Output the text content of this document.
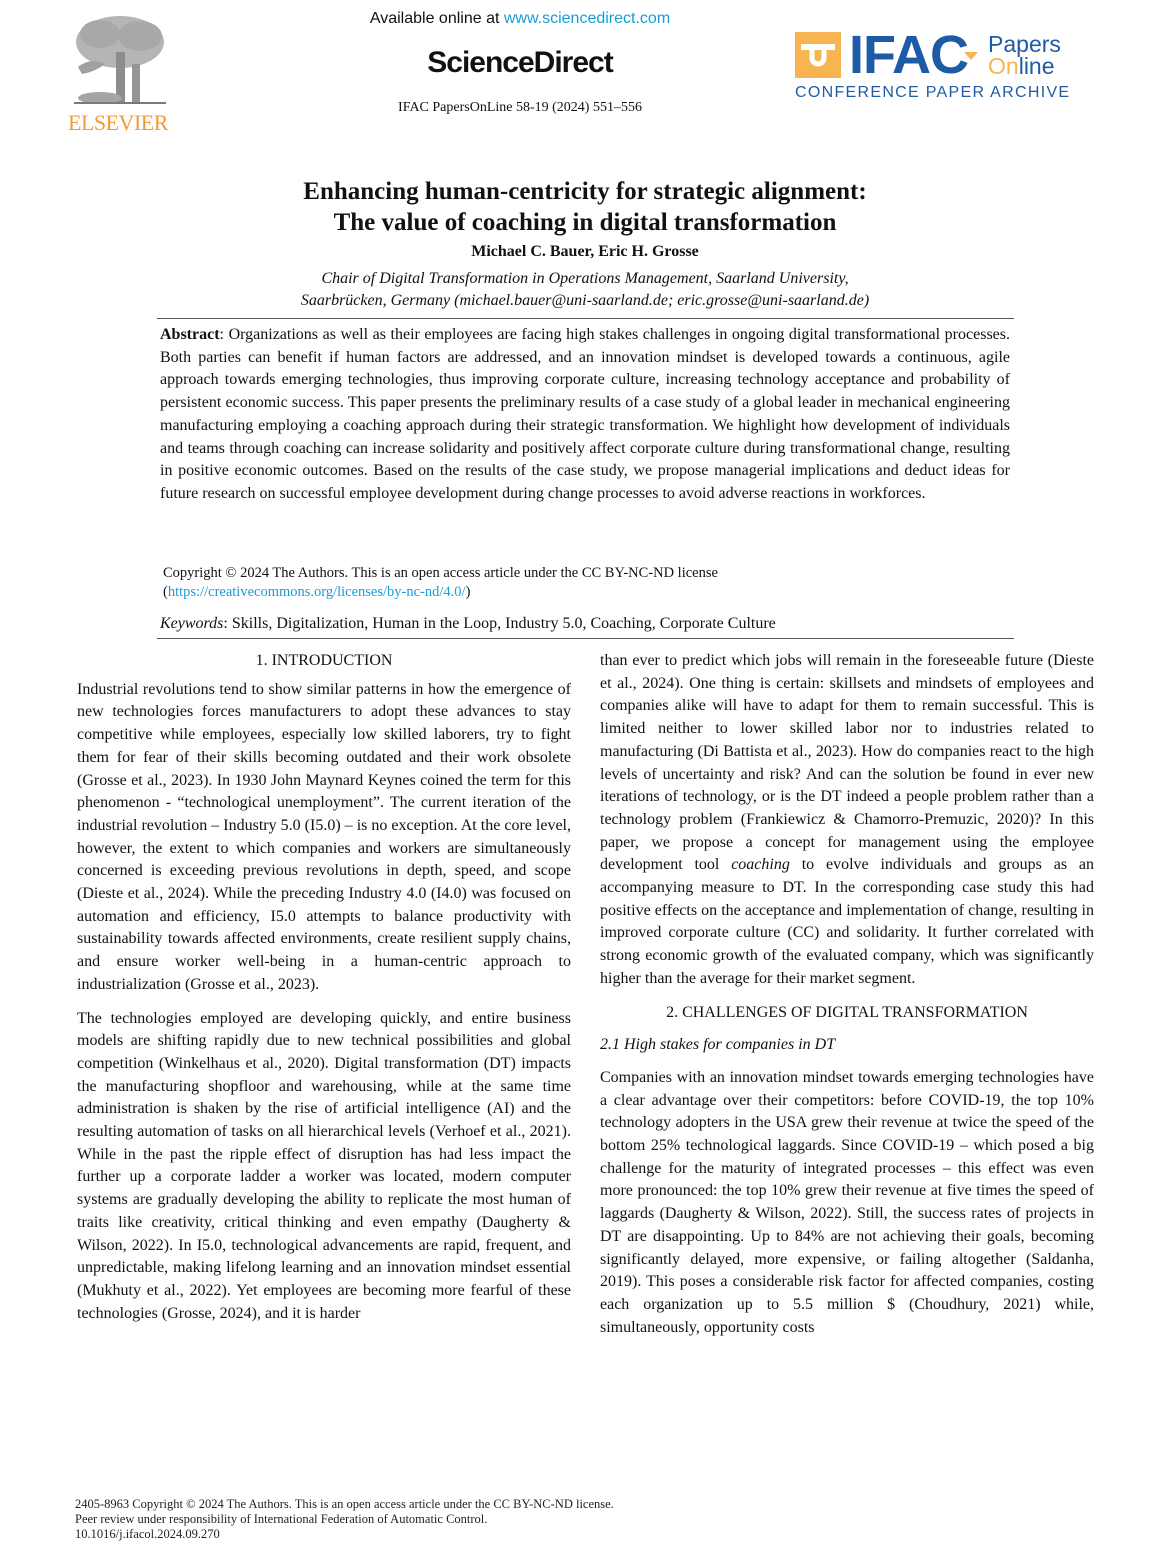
ELSEVIER
Available online at www.sciencedirect.com
ScienceDirect
IFAC PapersOnLine 58-19 (2024) 551–556
IFAC Papers
Online
CONFERENCE PAPER ARCHIVE
Enhancing human-centricity for strategic alignment:
The value of coaching in digital transformation
Michael C. Bauer, Eric H. Grosse
Chair of Digital Transformation in Operations Management, Saarland University,
Saarbrücken, Germany (michael.bauer@uni-saarland.de; eric.grosse@uni-saarland.de)
Abstract: Organizations as well as their employees are facing high stakes challenges in ongoing digital transformational processes. Both parties can benefit if human factors are addressed, and an innovation mindset is developed towards a continuous, agile approach towards emerging technologies, thus improving corporate culture, increasing technology acceptance and probability of persistent economic success. This paper presents the preliminary results of a case study of a global leader in mechanical engineering manufacturing employing a coaching approach during their strategic transformation. We highlight how development of individuals and teams through coaching can increase solidarity and positively affect corporate culture during transformational change, resulting in positive economic outcomes. Based on the results of the case study, we propose managerial implications and deduct ideas for future research on successful employee development during change processes to avoid adverse reactions in workforces.
Copyright © 2024 The Authors. This is an open access article under the CC BY-NC-ND license
(https://creativecommons.org/licenses/by-nc-nd/4.0/)
Keywords: Skills, Digitalization, Human in the Loop, Industry 5.0, Coaching, Corporate Culture
1. INTRODUCTION

Industrial revolutions tend to show similar patterns in how the emergence of new technologies forces manufacturers to adopt these advances to stay competitive while employees, especially low skilled laborers, try to fight them for fear of their skills becoming outdated and their work obsolete (Grosse et al., 2023). In 1930 John Maynard Keynes coined the term for this phenomenon - “technological unemployment”. The current iteration of the industrial revolution – Industry 5.0 (I5.0) – is no exception. At the core level, however, the extent to which companies and workers are simultaneously concerned is exceeding previous revolutions in depth, speed, and scope (Dieste et al., 2024). While the preceding Industry 4.0 (I4.0) was focused on automation and efficiency, I5.0 attempts to balance productivity with sustainability towards affected environments, create resilient supply chains, and ensure worker well-being in a human-centric approach to industrialization (Grosse et al., 2023).

The technologies employed are developing quickly, and entire business models are shifting rapidly due to new technical possibilities and global competition (Winkelhaus et al., 2020). Digital transformation (DT) impacts the manufacturing shopfloor and warehousing, while at the same time administration is shaken by the rise of artificial intelligence (AI) and the resulting automation of tasks on all hierarchical levels (Verhoef et al., 2021). While in the past the ripple effect of disruption has had less impact the further up a corporate ladder a worker was located, modern computer systems are gradually developing the ability to replicate the most human of traits like creativity, critical thinking and even empathy (Daugherty & Wilson, 2022). In I5.0, technological advancements are rapid, frequent, and unpredictable, making lifelong learning and an innovation mindset essential (Mukhuty et al., 2022). Yet employees are becoming more fearful of these technologies (Grosse, 2024), and it is harder

than ever to predict which jobs will remain in the foreseeable future (Dieste et al., 2024). One thing is certain: skillsets and mindsets of employees and companies alike will have to adapt for them to remain successful. This is limited neither to lower skilled labor nor to industries related to manufacturing (Di Battista et al., 2023). How do companies react to the high levels of uncertainty and risk? And can the solution be found in ever new iterations of technology, or is the DT indeed a people problem rather than a technology problem (Frankiewicz & Chamorro-Premuzic, 2020)? In this paper, we propose a concept for management using the employee development tool coaching to evolve individuals and groups as an accompanying measure to DT. In the corresponding case study this had positive effects on the acceptance and implementation of change, resulting in improved corporate culture (CC) and solidarity. It further correlated with strong economic growth of the evaluated company, which was significantly higher than the average for their market segment.

2. CHALLENGES OF DIGITAL TRANSFORMATION
2.1 High stakes for companies in DT

Companies with an innovation mindset towards emerging technologies have a clear advantage over their competitors: before COVID-19, the top 10% technology adopters in the USA grew their revenue at twice the speed of the bottom 25% technological laggards. Since COVID-19 – which posed a big challenge for the maturity of integrated processes – this effect was even more pronounced: the top 10% grew their revenue at five times the speed of laggards (Daugherty & Wilson, 2022). Still, the success rates of projects in DT are disappointing. Up to 84% are not achieving their goals, becoming significantly delayed, more expensive, or failing altogether (Saldanha, 2019). This poses a considerable risk factor for affected companies, costing each organization up to 5.5 million $ (Choudhury, 2021) while, simultaneously, opportunity costs

2405-8963 Copyright © 2024 The Authors. This is an open access article under the CC BY-NC-ND license.
Peer review under responsibility of International Federation of Automatic Control.
10.1016/j.ifacol.2024.09.270
